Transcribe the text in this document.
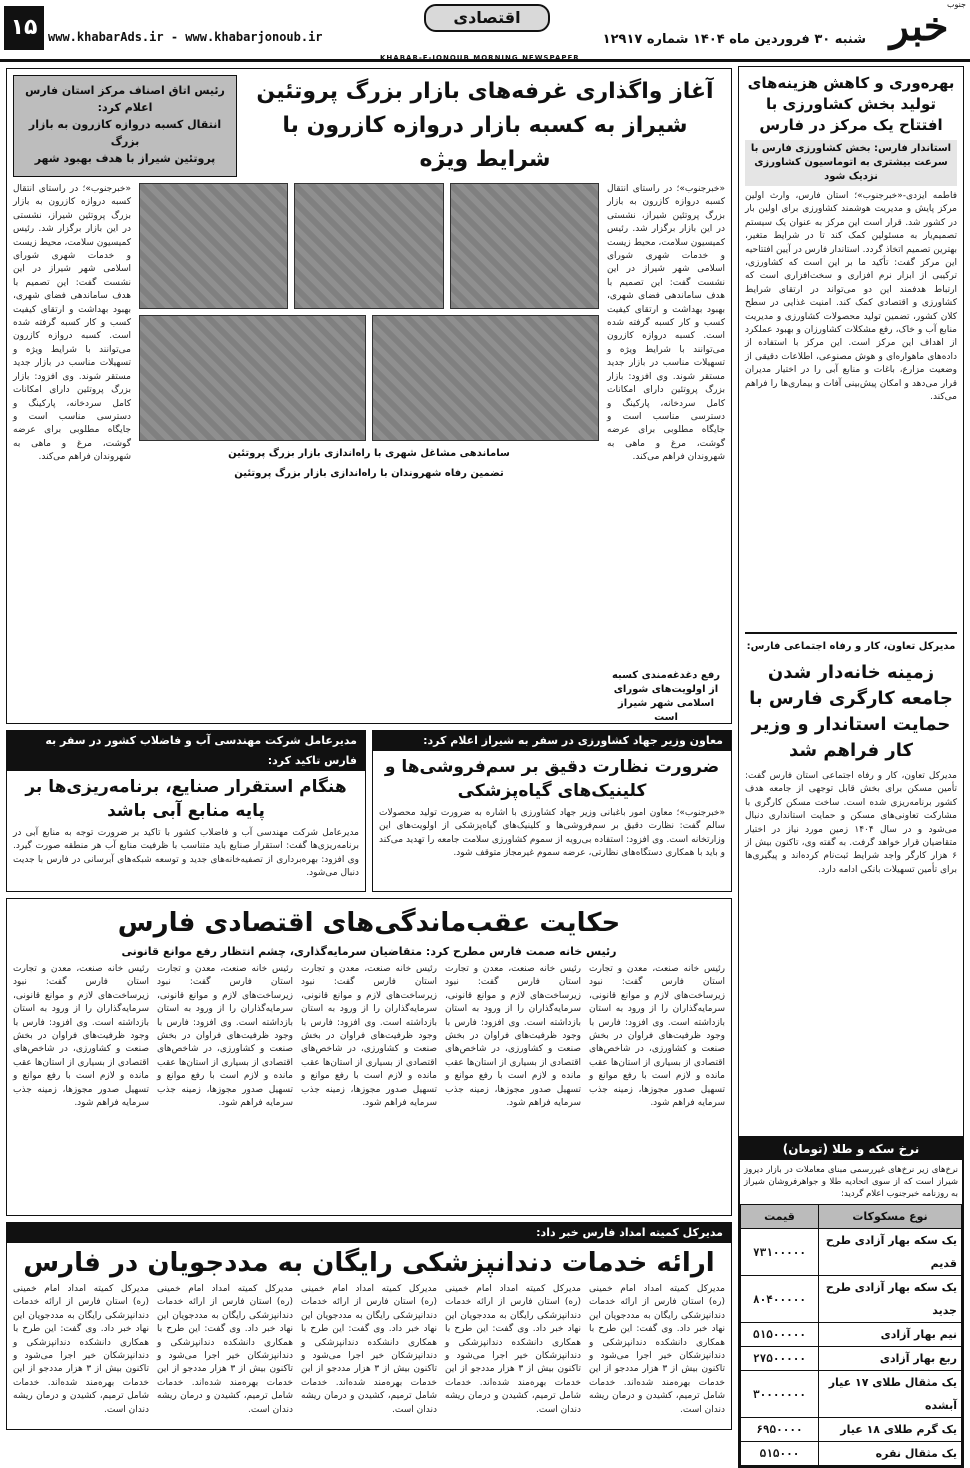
خبر
جنوب
شنبه ۳۰ فروردین ماه ۱۴۰۴ شماره ۱۲۹۱۷
اقتصادی
www.khabarAds.ir - www.khabarjonoub.ir
۱۵
KHABAR-E-JONOUB MORNING NEWSPAPER
بهره‌وری و کاهش هزینه‌های تولید بخش کشاورزی با افتتاح یک مرکز در فارس
استاندار فارس: بخش کشاورزی فارس با سرعت بیشتری به اتوماسیون کشاورزی نزدیک شود

فاطمه ایزدی-«خبرجنوب»؛ استان فارس، وارث اولین مرکز پایش و مدیریت هوشمند کشاورزی برای اولین بار در کشور شد. قرار است این مرکز به عنوان یک سیستم تصمیم‌یار به مسئولین کمک کند تا در شرایط متغیر، بهترین تصمیم اتخاذ گردد. استاندار فارس در آیین افتتاحیه این مرکز گفت: تأکید ما بر این است که کشاورزی، ترکیبی از ابزار نرم افزاری و سخت‌افزاری است که ارتباط هدفمند این دو می‌تواند در ارتقای شرایط کشاورزی و اقتصادی کمک کند. امنیت غذایی در سطح کلان کشور، تضمین تولید محصولات کشاورزی و مدیریت منابع آب و خاک، رفع مشکلات کشاورزان و بهبود عملکرد از اهداف این مرکز است. این مرکز با استفاده از داده‌های ماهواره‌ای و هوش مصنوعی، اطلاعات دقیقی از وضعیت مزارع، باغات و منابع آبی را در اختیار مدیران قرار می‌دهد و امکان پیش‌بینی آفات و بیماری‌ها را فراهم می‌کند.

مدیرکل تعاون، کار و رفاه اجتماعی فارس:
زمینه خانه‌دار شدن جامعه کارگری فارس با حمایت استاندار و وزیر کار فراهم شد

مدیرکل تعاون، کار و رفاه اجتماعی استان فارس گفت: تأمین مسکن برای بخش قابل توجهی از جامعه هدف کشور برنامه‌ریزی شده است. ساخت مسکن کارگری با مشارکت تعاونی‌های مسکن و حمایت استانداری دنبال می‌شود و در سال ۱۴۰۴ زمین مورد نیاز در اختیار متقاضیان قرار خواهد گرفت. به گفته وی، تاکنون بیش از ۶ هزار کارگر واجد شرایط ثبت‌نام کرده‌اند و پیگیری‌ها برای تأمین تسهیلات بانکی ادامه دارد.

نرخ سکه و طلا (تومان)
نرخ‌های زیر نرخ‌های غیررسمی مبنای معاملات در بازار دیروز شیراز است که از سوی اتحادیه طلا و جواهرفروشان شیراز به روزنامه خبرجنوب اعلام گردید:
نوع مسکوکات	قیمت
یک سکه بهار آزادی طرح قدیم	۷۳۱۰۰۰۰۰
یک سکه بهار آزادی طرح جدید	۸۰۴۰۰۰۰۰
نیم بهار آزادی	۵۱۵۰۰۰۰۰
ربع بهار آزادی	۲۷۵۰۰۰۰۰
یک مثقال طلای ۱۷ عیار آبشده	۳۰۰۰۰۰۰۰
یک گرم طلای ۱۸ عیار	۶۹۵۰۰۰۰
یک مثقال نقره	۵۱۵۰۰۰
آغاز واگذاری غرفه‌های بازار بزرگ پروتئین شیراز به کسبه بازار دروازه کازرون با شرایط ویژه
رئیس اتاق اصناف مرکز استان فارس اعلام کرد:
انتقال کسبه دروازه کازرون به بازار بزرگ
پروتئین شیراز با هدف بهبود شهر

«خبرجنوب»؛ در راستای انتقال کسبه دروازه کازرون به بازار بزرگ پروتئین شیراز، نشستی در این بازار برگزار شد. رئیس کمیسیون سلامت، محیط زیست و خدمات شهری شورای اسلامی شهر شیراز در این نشست گفت: این تصمیم با هدف ساماندهی فضای شهری، بهبود بهداشت و ارتقای کیفیت کسب و کار کسبه گرفته شده است. کسبه دروازه کازرون می‌توانند با شرایط ویژه و تسهیلات مناسب در بازار جدید مستقر شوند. وی افزود: بازار بزرگ پروتئین دارای امکانات کامل سردخانه، پارکینگ و دسترسی مناسب است و جایگاه مطلوبی برای عرضه گوشت، مرغ و ماهی به شهروندان فراهم می‌کند.

رفع دغدغه‌مندی کسبه از اولویت‌های شورای اسلامی شهر شیراز است
ساماندهی مشاغل شهری با راه‌اندازی بازار بزرگ پروتئین
تضمین رفاه شهروندان با راه‌اندازی بازار بزرگ پروتئین

«خبرجنوب»؛ در راستای انتقال کسبه دروازه کازرون به بازار بزرگ پروتئین شیراز، نشستی در این بازار برگزار شد. رئیس کمیسیون سلامت، محیط زیست و خدمات شهری شورای اسلامی شهر شیراز در این نشست گفت: این تصمیم با هدف ساماندهی فضای شهری، بهبود بهداشت و ارتقای کیفیت کسب و کار کسبه گرفته شده است. کسبه دروازه کازرون می‌توانند با شرایط ویژه و تسهیلات مناسب در بازار جدید مستقر شوند. وی افزود: بازار بزرگ پروتئین دارای امکانات کامل سردخانه، پارکینگ و دسترسی مناسب است و جایگاه مطلوبی برای عرضه گوشت، مرغ و ماهی به شهروندان فراهم می‌کند.

معاون وزیر جهاد کشاورزی در سفر به شیراز اعلام کرد:
ضرورت نظارت دقیق بر سم‌فروشی‌ها و کلینیک‌های گیاه‌پزشکی

«خبرجنوب»؛ معاون امور باغبانی وزیر جهاد کشاورزی با اشاره به ضرورت تولید محصولات سالم گفت: نظارت دقیق بر سم‌فروشی‌ها و کلینیک‌های گیاه‌پزشکی از اولویت‌های این وزارتخانه است. وی افزود: استفاده بی‌رویه از سموم کشاورزی سلامت جامعه را تهدید می‌کند و باید با همکاری دستگاه‌های نظارتی، عرضه سموم غیرمجاز متوقف شود.

مدیرعامل شرکت مهندسی آب و فاضلاب کشور در سفر به فارس تاکید کرد:
هنگام استقرار صنایع، برنامه‌ریزی‌ها بر پایه منابع آبی باشد

مدیرعامل شرکت مهندسی آب و فاضلاب کشور با تاکید بر ضرورت توجه به منابع آبی در برنامه‌ریزی‌ها گفت: استقرار صنایع باید متناسب با ظرفیت منابع آب هر منطقه صورت گیرد. وی افزود: بهره‌برداری از تصفیه‌خانه‌های جدید و توسعه شبکه‌های آبرسانی در فارس با جدیت دنبال می‌شود.

حکایت عقب‌ماندگی‌های اقتصادی فارس
رئیس خانه صمت فارس مطرح کرد: متقاضیان سرمایه‌گذاری، چشم انتظار رفع موانع قانونی

رئیس خانه صنعت، معدن و تجارت استان فارس گفت: نبود زیرساخت‌های لازم و موانع قانونی، سرمایه‌گذاران را از ورود به استان بازداشته است. وی افزود: فارس با وجود ظرفیت‌های فراوان در بخش صنعت و کشاورزی، در شاخص‌های اقتصادی از بسیاری از استان‌ها عقب مانده و لازم است با رفع موانع و تسهیل صدور مجوزها، زمینه جذب سرمایه فراهم شود.

رئیس خانه صنعت، معدن و تجارت استان فارس گفت: نبود زیرساخت‌های لازم و موانع قانونی، سرمایه‌گذاران را از ورود به استان بازداشته است. وی افزود: فارس با وجود ظرفیت‌های فراوان در بخش صنعت و کشاورزی، در شاخص‌های اقتصادی از بسیاری از استان‌ها عقب مانده و لازم است با رفع موانع و تسهیل صدور مجوزها، زمینه جذب سرمایه فراهم شود.

رئیس خانه صنعت، معدن و تجارت استان فارس گفت: نبود زیرساخت‌های لازم و موانع قانونی، سرمایه‌گذاران را از ورود به استان بازداشته است. وی افزود: فارس با وجود ظرفیت‌های فراوان در بخش صنعت و کشاورزی، در شاخص‌های اقتصادی از بسیاری از استان‌ها عقب مانده و لازم است با رفع موانع و تسهیل صدور مجوزها، زمینه جذب سرمایه فراهم شود.

رئیس خانه صنعت، معدن و تجارت استان فارس گفت: نبود زیرساخت‌های لازم و موانع قانونی، سرمایه‌گذاران را از ورود به استان بازداشته است. وی افزود: فارس با وجود ظرفیت‌های فراوان در بخش صنعت و کشاورزی، در شاخص‌های اقتصادی از بسیاری از استان‌ها عقب مانده و لازم است با رفع موانع و تسهیل صدور مجوزها، زمینه جذب سرمایه فراهم شود.

رئیس خانه صنعت، معدن و تجارت استان فارس گفت: نبود زیرساخت‌های لازم و موانع قانونی، سرمایه‌گذاران را از ورود به استان بازداشته است. وی افزود: فارس با وجود ظرفیت‌های فراوان در بخش صنعت و کشاورزی، در شاخص‌های اقتصادی از بسیاری از استان‌ها عقب مانده و لازم است با رفع موانع و تسهیل صدور مجوزها، زمینه جذب سرمایه فراهم شود.

مدیرکل کمیته امداد فارس خبر داد:
ارائه خدمات دندانپزشکی رایگان به مددجویان در فارس

مدیرکل کمیته امداد امام خمینی (ره) استان فارس از ارائه خدمات دندانپزشکی رایگان به مددجویان این نهاد خبر داد. وی گفت: این طرح با همکاری دانشکده دندانپزشکی و دندانپزشکان خیر اجرا می‌شود و تاکنون بیش از ۳ هزار مددجو از این خدمات بهره‌مند شده‌اند. خدمات شامل ترمیم، کشیدن و درمان ریشه دندان است.

مدیرکل کمیته امداد امام خمینی (ره) استان فارس از ارائه خدمات دندانپزشکی رایگان به مددجویان این نهاد خبر داد. وی گفت: این طرح با همکاری دانشکده دندانپزشکی و دندانپزشکان خیر اجرا می‌شود و تاکنون بیش از ۳ هزار مددجو از این خدمات بهره‌مند شده‌اند. خدمات شامل ترمیم، کشیدن و درمان ریشه دندان است.

مدیرکل کمیته امداد امام خمینی (ره) استان فارس از ارائه خدمات دندانپزشکی رایگان به مددجویان این نهاد خبر داد. وی گفت: این طرح با همکاری دانشکده دندانپزشکی و دندانپزشکان خیر اجرا می‌شود و تاکنون بیش از ۳ هزار مددجو از این خدمات بهره‌مند شده‌اند. خدمات شامل ترمیم، کشیدن و درمان ریشه دندان است.

مدیرکل کمیته امداد امام خمینی (ره) استان فارس از ارائه خدمات دندانپزشکی رایگان به مددجویان این نهاد خبر داد. وی گفت: این طرح با همکاری دانشکده دندانپزشکی و دندانپزشکان خیر اجرا می‌شود و تاکنون بیش از ۳ هزار مددجو از این خدمات بهره‌مند شده‌اند. خدمات شامل ترمیم، کشیدن و درمان ریشه دندان است.

مدیرکل کمیته امداد امام خمینی (ره) استان فارس از ارائه خدمات دندانپزشکی رایگان به مددجویان این نهاد خبر داد. وی گفت: این طرح با همکاری دانشکده دندانپزشکی و دندانپزشکان خیر اجرا می‌شود و تاکنون بیش از ۳ هزار مددجو از این خدمات بهره‌مند شده‌اند. خدمات شامل ترمیم، کشیدن و درمان ریشه دندان است.
